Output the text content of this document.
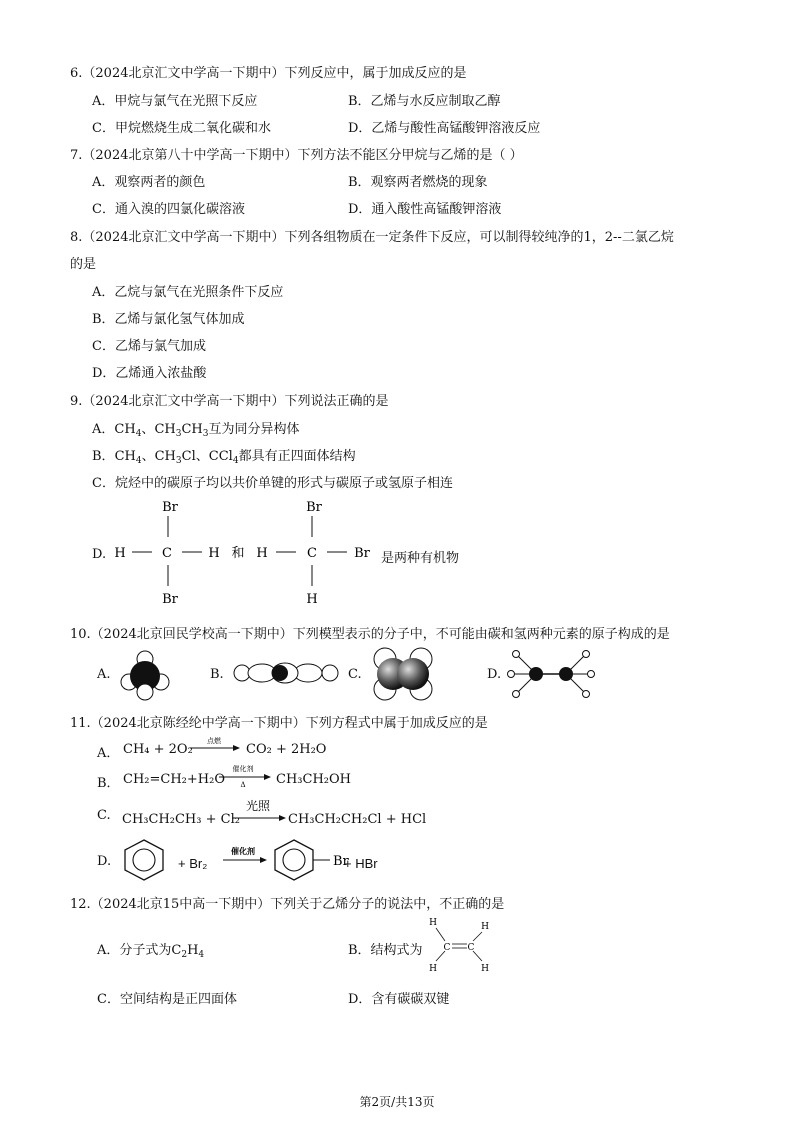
6.（2024北京汇文中学高一下期中）下列反应中，属于加成反应的是
A．甲烷与氯气在光照下反应	B．乙烯与水反应制取乙醇
C．甲烷燃烧生成二氧化碳和水	D．乙烯与酸性高锰酸钾溶液反应
7.（2024北京第八十中学高一下期中）下列方法不能区分甲烷与乙烯的是（ ）
A．观察两者的颜色	B．观察两者燃烧的现象
C．通入溴的四氯化碳溶液	D．通入酸性高锰酸钾溶液
8.（2024北京汇文中学高一下期中）下列各组物质在一定条件下反应，可以制得较纯净的1，2--二氯乙烷
的是
A．乙烷与氯气在光照条件下反应
B．乙烯与氯化氢气体加成
C．乙烯与氯气加成
D．乙烯通入浓盐酸
9.（2024北京汇文中学高一下期中）下列说法正确的是
A．$CH_4$、$CH_3CH_3$互为同分异构体
B．$CH_4$、$CH_3Cl$、CCl$_4$都具有正四面体结构
C．烷烃中的碳原子均以共价单键的形式与碳原子或氢原子相连
D.
Br
H	C	H
Br
和
Br
H	C	Br
H
是两种有机物
10.（2024北京回民学校高一下期中）下列模型表示的分子中，不可能由碳和氢两种元素的原子构成的是
A.	B.	C.	D.
11.（2024北京陈经纶中学高一下期中）下列方程式中属于加成反应的是
A． CH₄ + 2O₂
点燃
CO₂ + 2H₂O
B． CH₂=CH₂+H₂O
催化剂
Δ CH₃CH₂OH
C. CH₃CH₂CH₃ + Cl₂
光照
CH₃CH₂CH₂Cl + HCl
D.	+ Br₂
催化剂
Br
+ HBr
12.（2024北京15中高一下期中）下列关于乙烯分子的说法中，不正确的是
A．分子式为$C_2H_4$	B．结构式为
H	H
H	H
C C
C．空间结构是正四面体	D．含有碳碳双键
第2页/共13页
